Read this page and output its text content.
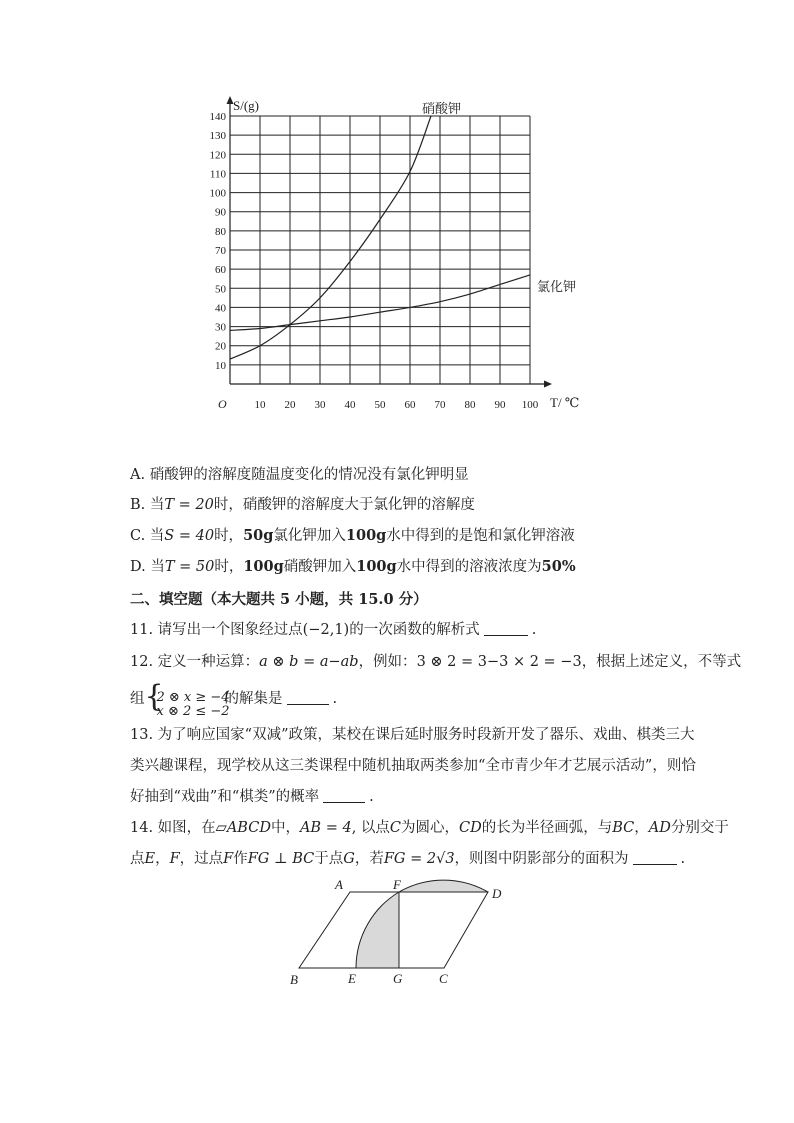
10 20 30 40 50 60 70 80 90 100
10
20
30
40
50
60
70
80
90
100
110
120
130
140
O
S/(g)
T/ ℃
硝酸钾
氯化钾
A. 硝酸钾的溶解度随温度变化的情况没有氯化钾明显
B. 当T = 20时，硝酸钾的溶解度大于氯化钾的溶解度
C. 当S = 40时，50g氯化钾加入100g水中得到的是饱和氯化钾溶液
D. 当T = 50时，100g硝酸钾加入100g水中得到的溶液浓度为50%
二、填空题（本大题共 5 小题，共 15.0 分）
11. 请写出一个图象经过点(−2,1)的一次函数的解析式	.
12. 定义一种运算：a ⊗ b = a−ab，例如：3 ⊗ 2 = 3−3 × 2 = −3，根据上述定义，不等式
组 {
2 ⊗ x ≥ −4
x ⊗ 2 ≤ −2
的解集是	.
13. 为了响应国家“双减”政策，某校在课后延时服务时段新开发了器乐、戏曲、棋类三大
类兴趣课程，现学校从这三类课程中随机抽取两类参加“全市青少年才艺展示活动”，则恰
好抽到“戏曲”和“棋类”的概率	.
14. 如图，在▱ABCD中，AB = 4, 以点C为圆心，CD的长为半径画弧，与BC，AD分别交于
点E，F，过点F作FG ⊥ BC于点G，若FG = 2√3，则图中阴影部分的面积为	.
A	F
D
B	E	G	C
